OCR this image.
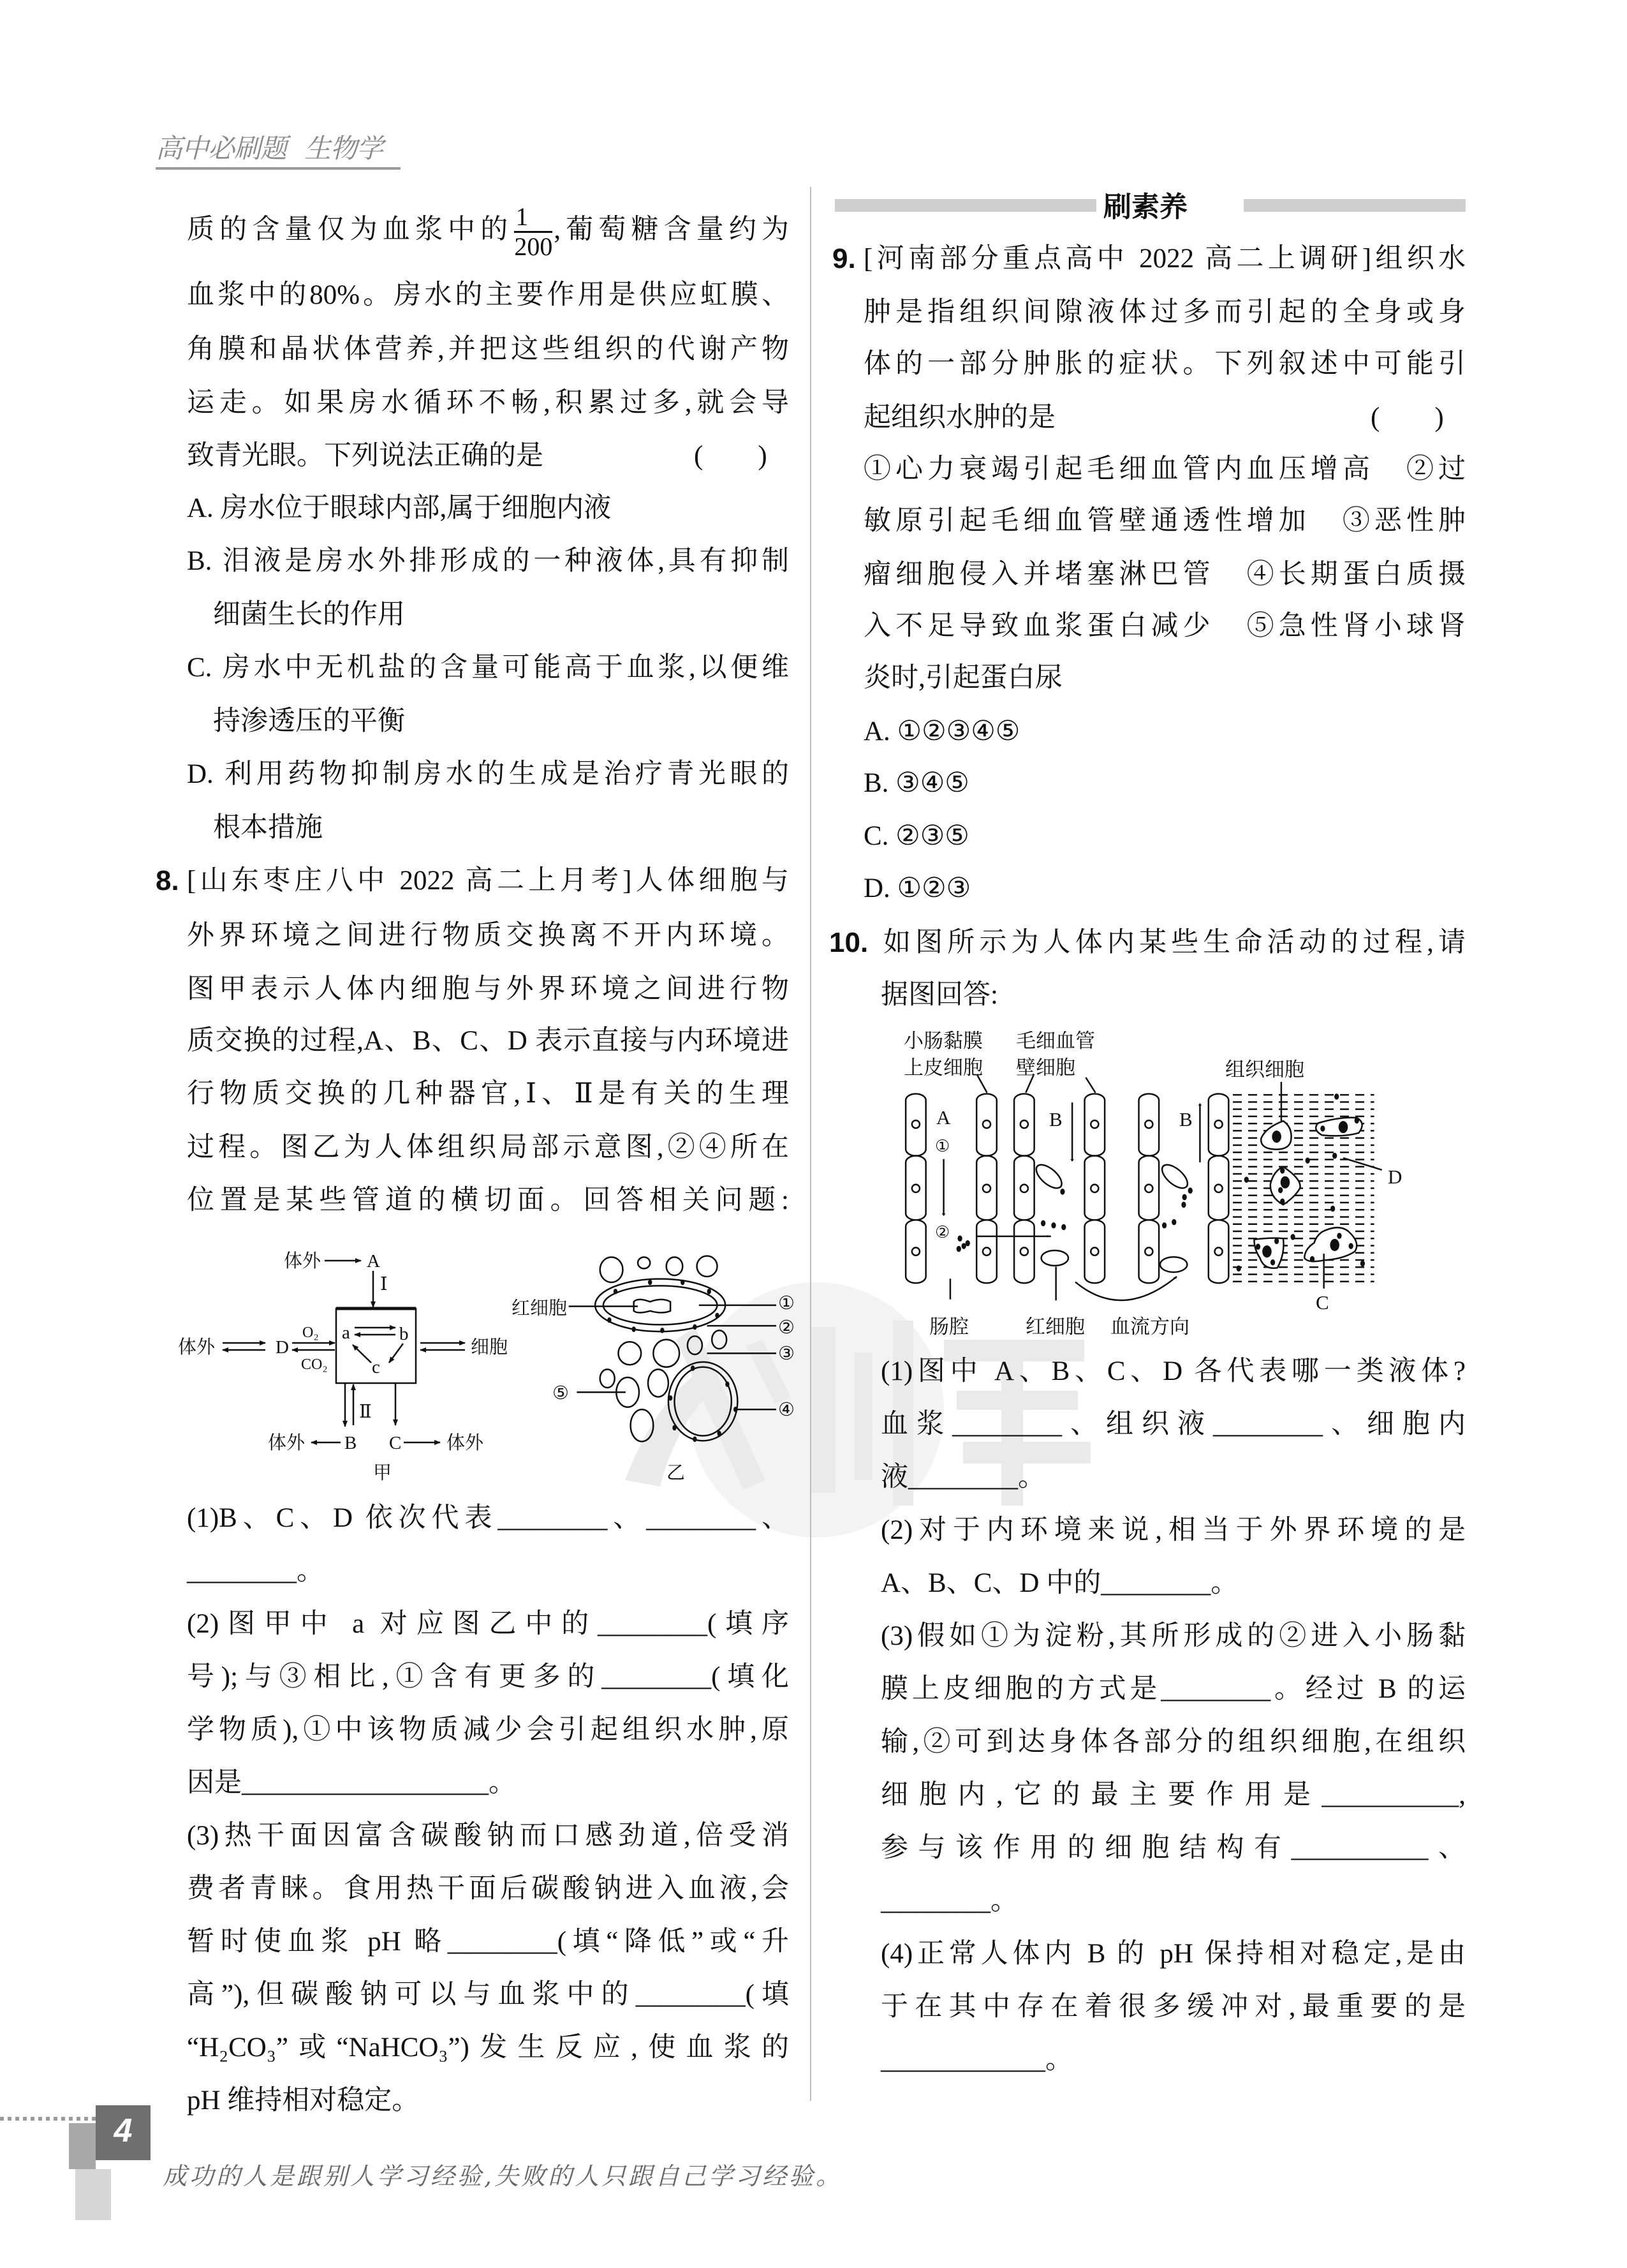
高中必刷题 生物学
质的含量仅为血浆中的 $\frac{1}{200}$ ,葡萄糖含量约为
血浆中的80%。房水的主要作用是供应虹膜、
角膜和晶状体营养,并把这些组织的代谢产物
运走。如果房水循环不畅,积累过多,就会导
致青光眼。下列说法正确的是	(　　)
A. 房水位于眼球内部,属于细胞内液
B. 泪液是房水外排形成的一种液体,具有抑制
细菌生长的作用
C. 房水中无机盐的含量可能高于血浆,以便维
持渗透压的平衡
D. 利用药物抑制房水的生成是治疗青光眼的
根本措施
8. [山东枣庄八中 2022 高二上月考]人体细胞与
外界环境之间进行物质交换离不开内环境。
图甲表示人体内细胞与外界环境之间进行物
质交换的过程,A、B、C、D 表示直接与内环境进
行物质交换的几种器官,Ⅰ、Ⅱ是有关的生理
过程。图乙为人体组织局部示意图,②④所在
位置是某些管道的横切面。回答相关问题:
体外 A
Ⅰ
a	b
c
体外	D
O₂
CO₂
细胞
Ⅱ
体外 B C 体外
甲
红细胞	①
②
③
④
⑤
乙
(1)B、C、D 依次代表________、________、
________。
(2)图甲中 a 对应图乙中的________(填序
号);与③相比,①含有更多的________(填化
学物质),①中该物质减少会引起组织水肿,原
因是__________________。
(3)热干面因富含碳酸钠而口感劲道,倍受消
费者青睐。食用热干面后碳酸钠进入血液,会
暂时使血浆 pH 略________(填“降低”或“升
高”),但碳酸钠可以与血浆中的________(填
“H₂CO₃”或“NaHCO₃”)发生反应,使血浆的
pH 维持相对稳定。
刷素养
9. [河南部分重点高中 2022 高二上调研]组织水
肿是指组织间隙液体过多而引起的全身或身
体的一部分肿胀的症状。下列叙述中可能引
起组织水肿的是	(　　)
①心力衰竭引起毛细血管内血压增高　②过
敏原引起毛细血管壁通透性增加　③恶性肿
瘤细胞侵入并堵塞淋巴管　④长期蛋白质摄
入不足导致血浆蛋白减少　⑤急性肾小球肾
炎时,引起蛋白尿
A. ①②③④⑤
B. ③④⑤
C. ②③⑤
D. ①②③
10. 如图所示为人体内某些生命活动的过程,请
据图回答:
小肠黏膜
上皮细胞
毛细血管
壁细胞	组织细胞
A
①
②
B	B
D
C
肠腔	红细胞 血流方向
(1)图中 A、B、C、D 各代表哪一类液体?
血浆________、组织液________、细胞内
液________。
(2)对于内环境来说,相当于外界环境的是
A、B、C、D 中的________。
(3)假如①为淀粉,其所形成的②进入小肠黏
膜上皮细胞的方式是________。经过 B 的运
输,②可到达身体各部分的组织细胞,在组织
细胞内,它的最主要作用是__________,
参与该作用的细胞结构有__________、
________。
(4)正常人体内 B 的 pH 保持相对稳定,是由
于在其中存在着很多缓冲对,最重要的是
____________。
4
成功的人是跟别人学习经验,失败的人只跟自己学习经验。
